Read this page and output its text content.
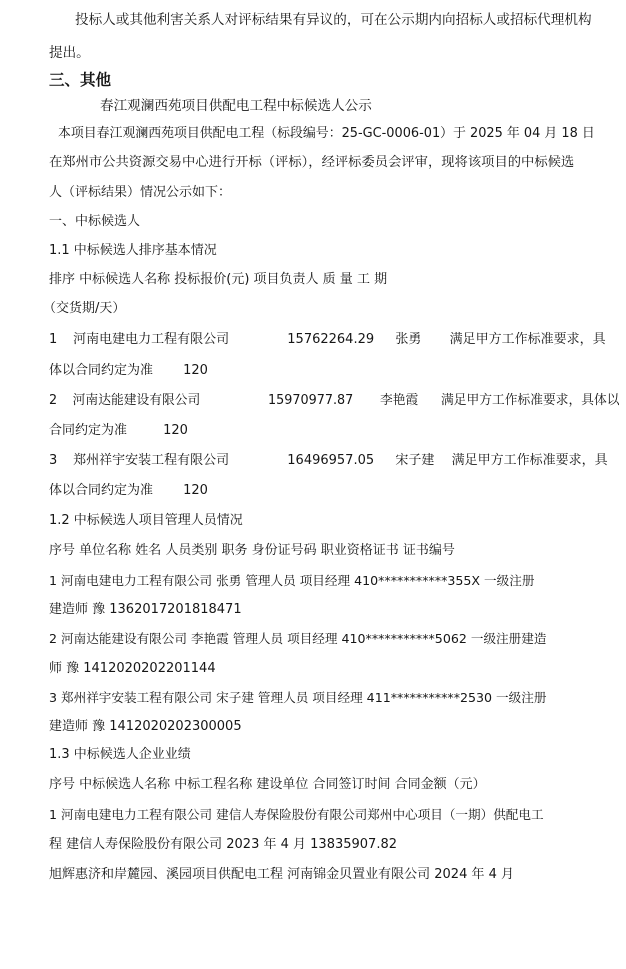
投标人或其他利害关系人对评标结果有异议的，可在公示期内向招标人或招标代理机构
提出。
三、其他
春江观澜西苑项目供配电工程中标候选人公示
本项目春江观澜西苑项目供配电工程（标段编号：25-GC-0006-01）于 2025 年 04 月 18 日
在郑州市公共资源交易中心进行开标（评标），经评标委员会评审，现将该项目的中标候选
人（评标结果）情况公示如下：
一、中标候选人
1.1 中标候选人排序基本情况
排序 中标候选人名称 投标报价(元) 项目负责人 质 量 工 期
（交货期/天）
1 河南电建电力工程有限公司	15762264.29 张勇 满足甲方工作标准要求，具
体以合同约定为准 120
2 河南达能建设有限公司	15970977.87 李艳霞 满足甲方工作标准要求，具体以
合同约定为准	120
3 郑州祥宇安装工程有限公司	16496957.05 宋子建 满足甲方工作标准要求，具
体以合同约定为准 120
1.2 中标候选人项目管理人员情况
序号 单位名称 姓名 人员类别 职务 身份证号码 职业资格证书 证书编号
1 河南电建电力工程有限公司 张勇 管理人员 项目经理 410***********355X 一级注册
建造师 豫 1362017201818471
2 河南达能建设有限公司 李艳霞 管理人员 项目经理 410***********5062 一级注册建造
师 豫 1412020202201144
3 郑州祥宇安装工程有限公司 宋子建 管理人员 项目经理 411***********2530 一级注册
建造师 豫 1412020202300005
1.3 中标候选人企业业绩
序号 中标候选人名称 中标工程名称 建设单位 合同签订时间 合同金额（元）
1 河南电建电力工程有限公司 建信人寿保险股份有限公司郑州中心项目（一期）供配电工
程 建信人寿保险股份有限公司 2023 年 4 月 13835907.82
旭辉惠济和岸麓园、溪园项目供配电工程 河南锦金贝置业有限公司 2024 年 4 月
